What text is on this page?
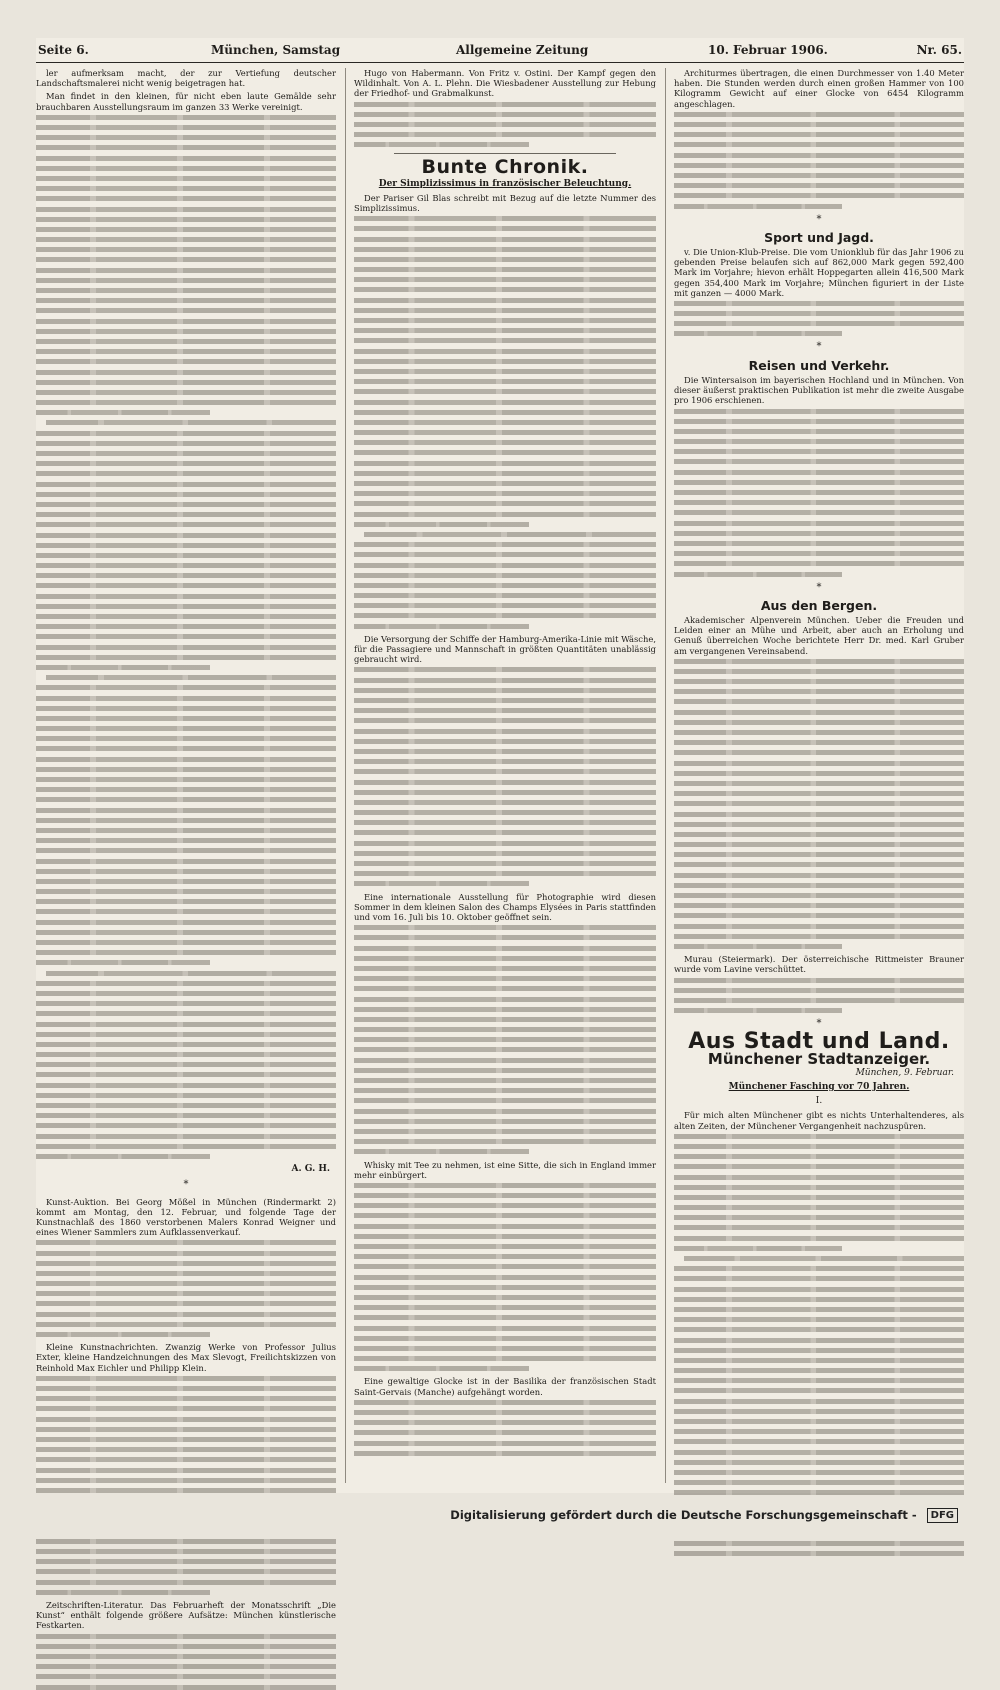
Seite 6.	München, Samstag	Allgemeine Zeitung	10. Februar 1906.	Nr. 65.

ler aufmerksam macht, der zur Vertiefung deutscher Landschaftsmalerei nicht wenig beigetragen hat.

Man findet in den kleinen, für nicht eben laute Gemälde sehr brauchbaren Ausstellungsraum im ganzen 33 Werke vereinigt.

A. G. H.
*

Kunst-Auktion. Bei Georg Mößel in München (Rindermarkt 2) kommt am Montag, den 12. Februar, und folgende Tage der Kunstnachlaß des 1860 verstorbenen Malers Konrad Weigner und eines Wiener Sammlers zum Aufklassenverkauf.

Kleine Kunstnachrichten. Zwanzig Werke von Professor Julius Exter, kleine Handzeichnungen des Max Slevogt, Freilichtskizzen von Reinhold Max Eichler und Philipp Klein.

Zeitschriften-Literatur. Das Februarheft der Monatsschrift „Die Kunst“ enthält folgende größere Aufsätze: München künstlerische Festkarten.

Hugo von Habermann. Von Fritz v. Ostini. Der Kampf gegen den Wildinhalt. Von A. L. Plehn. Die Wiesbadener Ausstellung zur Hebung der Friedhof- und Grabmalkunst.

Bunte Chronik.
Der Simplizissimus in französischer Beleuchtung.

Der Pariser Gil Blas schreibt mit Bezug auf die letzte Nummer des Simplizissimus.

Die Versorgung der Schiffe der Hamburg-Amerika-Linie mit Wäsche, für die Passagiere und Mannschaft in größten Quantitäten unablässig gebraucht wird.

Eine internationale Ausstellung für Photographie wird diesen Sommer in dem kleinen Salon des Champs Elysées in Paris stattfinden und vom 16. Juli bis 10. Oktober geöffnet sein.

Whisky mit Tee zu nehmen, ist eine Sitte, die sich in England immer mehr einbürgert.

Eine gewaltige Glocke ist in der Basilika der französischen Stadt Saint-Gervais (Manche) aufgehängt worden.

Architurmes übertragen, die einen Durchmesser von 1.40 Meter haben. Die Stunden werden durch einen großen Hammer von 100 Kilogramm Gewicht auf einer Glocke von 6454 Kilogramm angeschlagen.

*
Sport und Jagd.

v. Die Union-Klub-Preise. Die vom Unionklub für das Jahr 1906 zu gebenden Preise belaufen sich auf 862,000 Mark gegen 592,400 Mark im Vorjahre; hievon erhält Hoppegarten allein 416,500 Mark gegen 354,400 Mark im Vorjahre; München figuriert in der Liste mit ganzen — 4000 Mark.

*
Reisen und Verkehr.

Die Wintersaison im bayerischen Hochland und in München. Von dieser äußerst praktischen Publikation ist mehr die zweite Ausgabe pro 1906 erschienen.

*
Aus den Bergen.

Akademischer Alpenverein München. Ueber die Freuden und Leiden einer an Mühe und Arbeit, aber auch an Erholung und Genuß überreichen Woche berichtete Herr Dr. med. Karl Gruber am vergangenen Vereinsabend.

Murau (Steiermark). Der österreichische Rittmeister Brauner wurde vom Lavine verschüttet.

*
Aus Stadt und Land.
Münchener Stadtanzeiger.
München, 9. Februar.
Münchener Fasching vor 70 Jahren.
I.

Für mich alten Münchener gibt es nichts Unterhaltenderes, als alten Zeiten, der Münchener Vergangenheit nachzuspüren.

Digitalisierung gefördert durch die Deutsche Forschungsgemeinschaft - DFG
